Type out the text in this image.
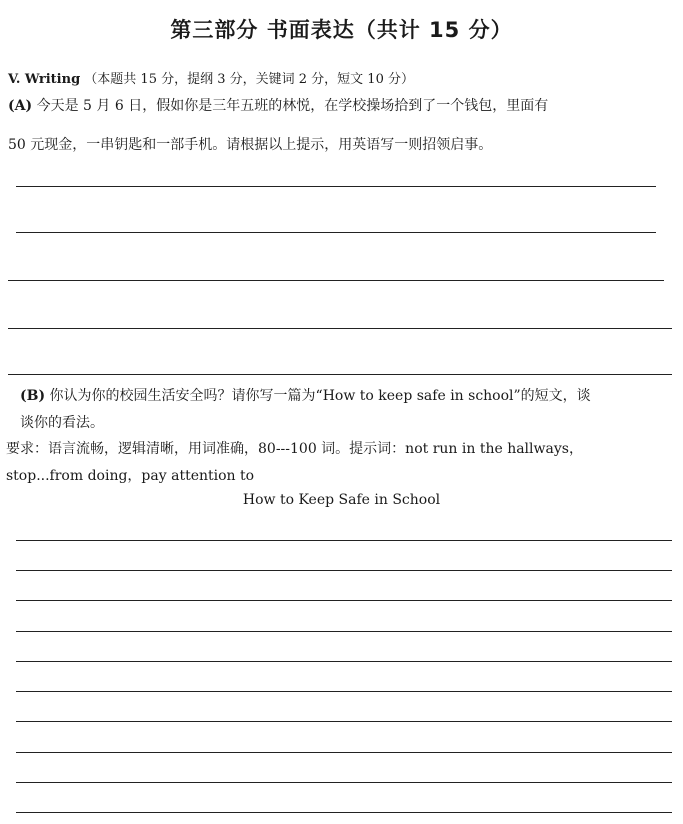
第三部分 书面表达（共计 15 分）
V. Writing （本题共 15 分，提纲 3 分，关键词 2 分，短文 10 分）
(A) 今天是 5 月 6 日，假如你是三年五班的林悦，在学校操场拾到了一个钱包，里面有
50 元现金，一串钥匙和一部手机。请根据以上提示，用英语写一则招领启事。
(B) 你认为你的校园生活安全吗？请你写一篇为“How to keep safe in school”的短文，谈
谈你的看法。
要求：语言流畅，逻辑清晰，用词准确，80---100 词。提示词：not run in the hallways，
stop...from doing，pay attention to
How to Keep Safe in School
